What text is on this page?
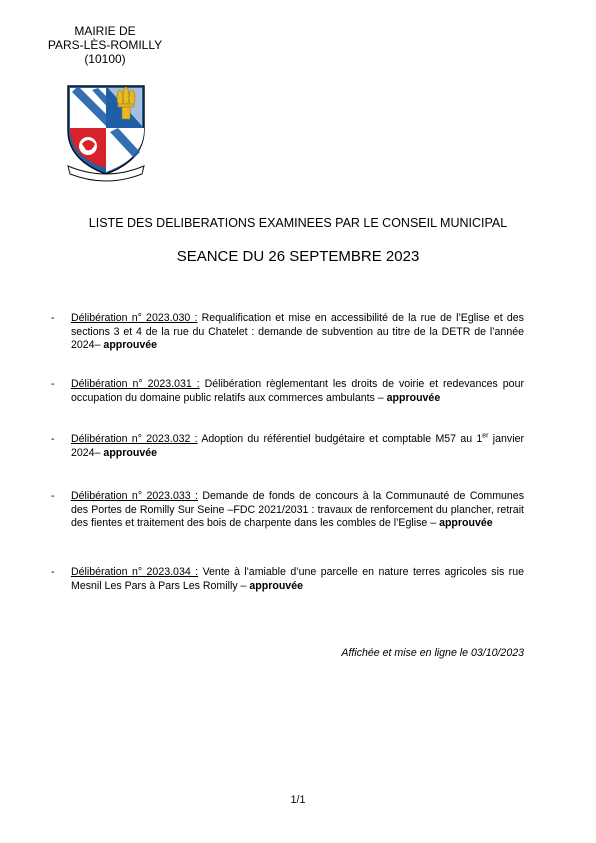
MAIRIE DE
PARS-LÈS-ROMILLY
(10100)
LISTE DES DELIBERATIONS EXAMINEES PAR LE CONSEIL MUNICIPAL
SEANCE DU 26 SEPTEMBRE 2023
- Délibération n° 2023.030 : Requalification et mise en accessibilité de la rue de l’Eglise et des sections 3 et 4 de la rue du Chatelet : demande de subvention au titre de la DETR de l’année 2024– approuvée
- Délibération n° 2023.031 : Délibération règlementant les droits de voirie et redevances pour occupation du domaine public relatifs aux commerces ambulants – approuvée
- Délibération n° 2023.032 : Adoption du référentiel budgétaire et comptable M57 au 1er janvier 2024– approuvée
- Délibération n° 2023.033 : Demande de fonds de concours à la Communauté de Communes des Portes de Romilly Sur Seine –FDC 2021/2031 : travaux de renforcement du plancher, retrait des fientes et traitement des bois de charpente dans les combles de l’Eglise – approuvée
- Délibération n° 2023.034 : Vente à l'amiable d’une parcelle en nature terres agricoles sis rue Mesnil Les Pars à Pars Les Romilly – approuvée
Affichée et mise en ligne le 03/10/2023
1/1
